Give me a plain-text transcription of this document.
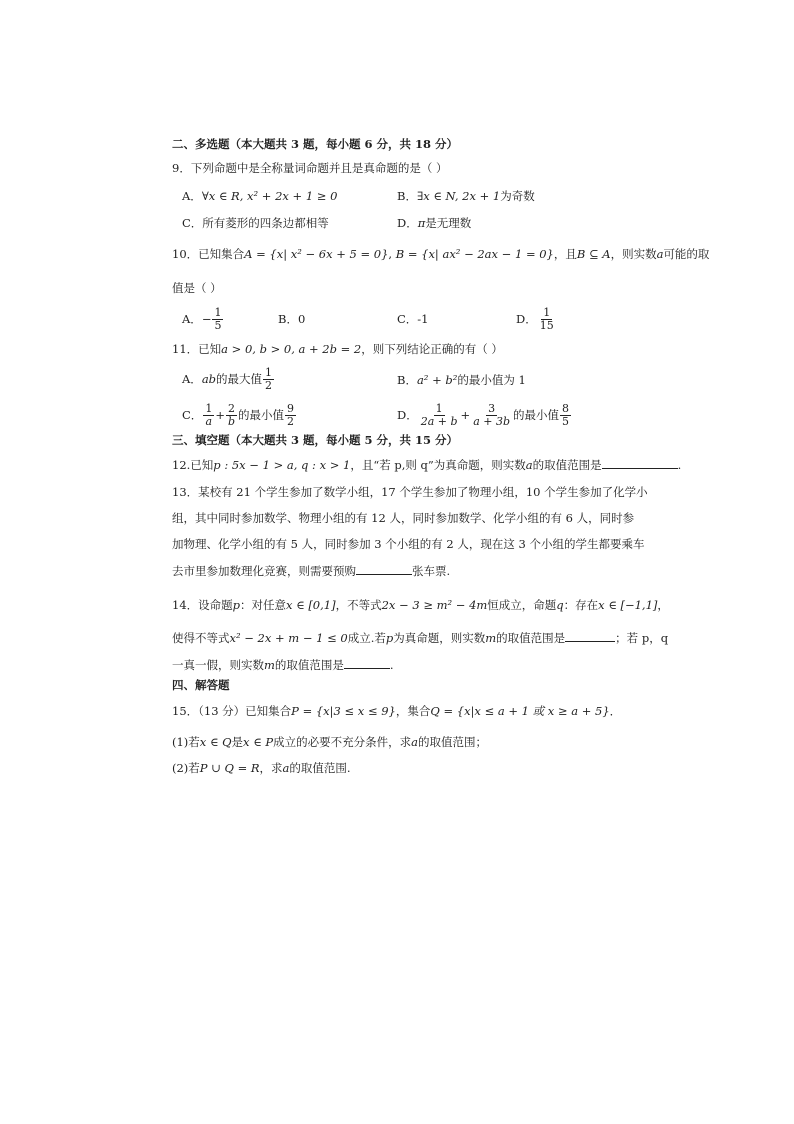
二、多选题（本大题共 3 题，每小题 6 分，共 18 分）
9．下列命题中是全称量词命题并且是真命题的是（ ）
A．∀x ∈ R, x² + 2x + 1 ≥ 0	B．∃x ∈ N, 2x + 1为奇数
C．所有菱形的四条边都相等	D．π是无理数
10．已知集合A = {x| x² − 6x + 5 = 0}, B = {x| ax² − 2ax − 1 = 0}，且B ⊆ A，则实数a可能的取
值是（ ）
A． − $\frac{1}{5}$	B．0	C．-1	D． $\frac{1}{15}$
11．已知a > 0, b > 0, a + 2b = 2，则下列结论正确的有（ ）
A． ab 的最大值 $\frac{1}{2}$	B．a² + b²的最小值为 1
C． $\frac{1}{a} + \frac{2}{b}$ 的最小值 $\frac{9}{2}$	D． $\frac{1}{2a + b} + \frac{3}{a + 3b}$ 的最小值 $\frac{8}{5}$
三、填空题（本大题共 3 题，每小题 5 分，共 15 分）
12.已知p : 5x − 1 > a, q : x > 1，且“若 p,则 q”为真命题，则实数a的取值范围是	.
13．某校有 21 个学生参加了数学小组，17 个学生参加了物理小组，10 个学生参加了化学小
组，其中同时参加数学、物理小组的有 12 人，同时参加数学、化学小组的有 6 人，同时参
加物理、化学小组的有 5 人，同时参加 3 个小组的有 2 人，现在这 3 个小组的学生都要乘车
去市里参加数理化竞赛，则需要预购	张车票.
14．设命题p：对任意x ∈ [0,1]，不等式2x − 3 ≥ m² − 4m恒成立，命题q：存在x ∈ [−1,1]，
使得不等式x² − 2x + m − 1 ≤ 0成立.若p为真命题，则实数m的取值范围是	；若 p，q
一真一假，则实数m的取值范围是	.
四、解答题
15．（13 分）已知集合P = {x|3 ≤ x ≤ 9}，集合Q = {x|x ≤ a + 1 或 x ≥ a + 5}．
(1)若x ∈ Q是x ∈ P成立的必要不充分条件，求a的取值范围；
(2)若P ∪ Q = R，求a的取值范围.
